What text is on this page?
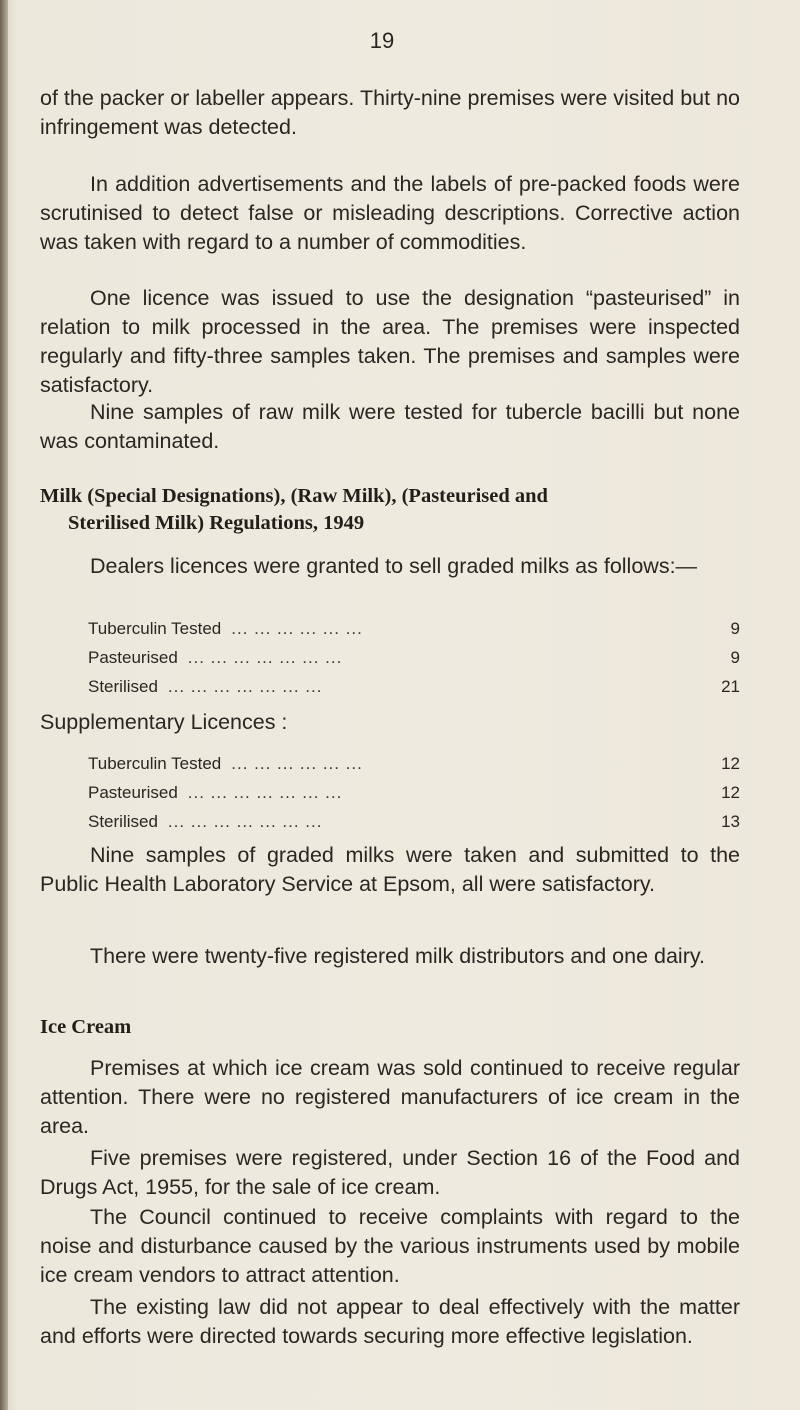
19

of the packer or labeller appears. Thirty-nine premises were visited but no infringement was detected.

In addition advertisements and the labels of pre-packed foods were scrutinised to detect false or misleading descriptions. Corrective action was taken with regard to a number of commodities.

One licence was issued to use the designation “pasteurised” in relation to milk processed in the area. The premises were inspected regularly and fifty-three samples taken. The premises and samples were satisfactory.

Nine samples of raw milk were tested for tubercle bacilli but none was contaminated.

Milk (Special Designations), (Raw Milk), (Pasteurised and
Sterilised Milk) Regulations, 1949

Dealers licences were granted to sell graded milks as follows:—

Tuberculin Tested ... ... ... ... ... ...	9
Pasteurised ... ... ... ... ... ... ...	9
Sterilised ... ... ... ... ... ... ...	21
Supplementary Licences :
Tuberculin Tested ... ... ... ... ... ...	12
Pasteurised ... ... ... ... ... ... ...	12
Sterilised ... ... ... ... ... ... ...	13

Nine samples of graded milks were taken and submitted to the Public Health Laboratory Service at Epsom, all were satisfactory.

There were twenty-five registered milk distributors and one dairy.

Ice Cream

Premises at which ice cream was sold continued to receive regular attention. There were no registered manufacturers of ice cream in the area.

Five premises were registered, under Section 16 of the Food and Drugs Act, 1955, for the sale of ice cream.

The Council continued to receive complaints with regard to the noise and disturbance caused by the various instruments used by mobile ice cream vendors to attract attention.

The existing law did not appear to deal effectively with the matter and efforts were directed towards securing more effective legislation.
